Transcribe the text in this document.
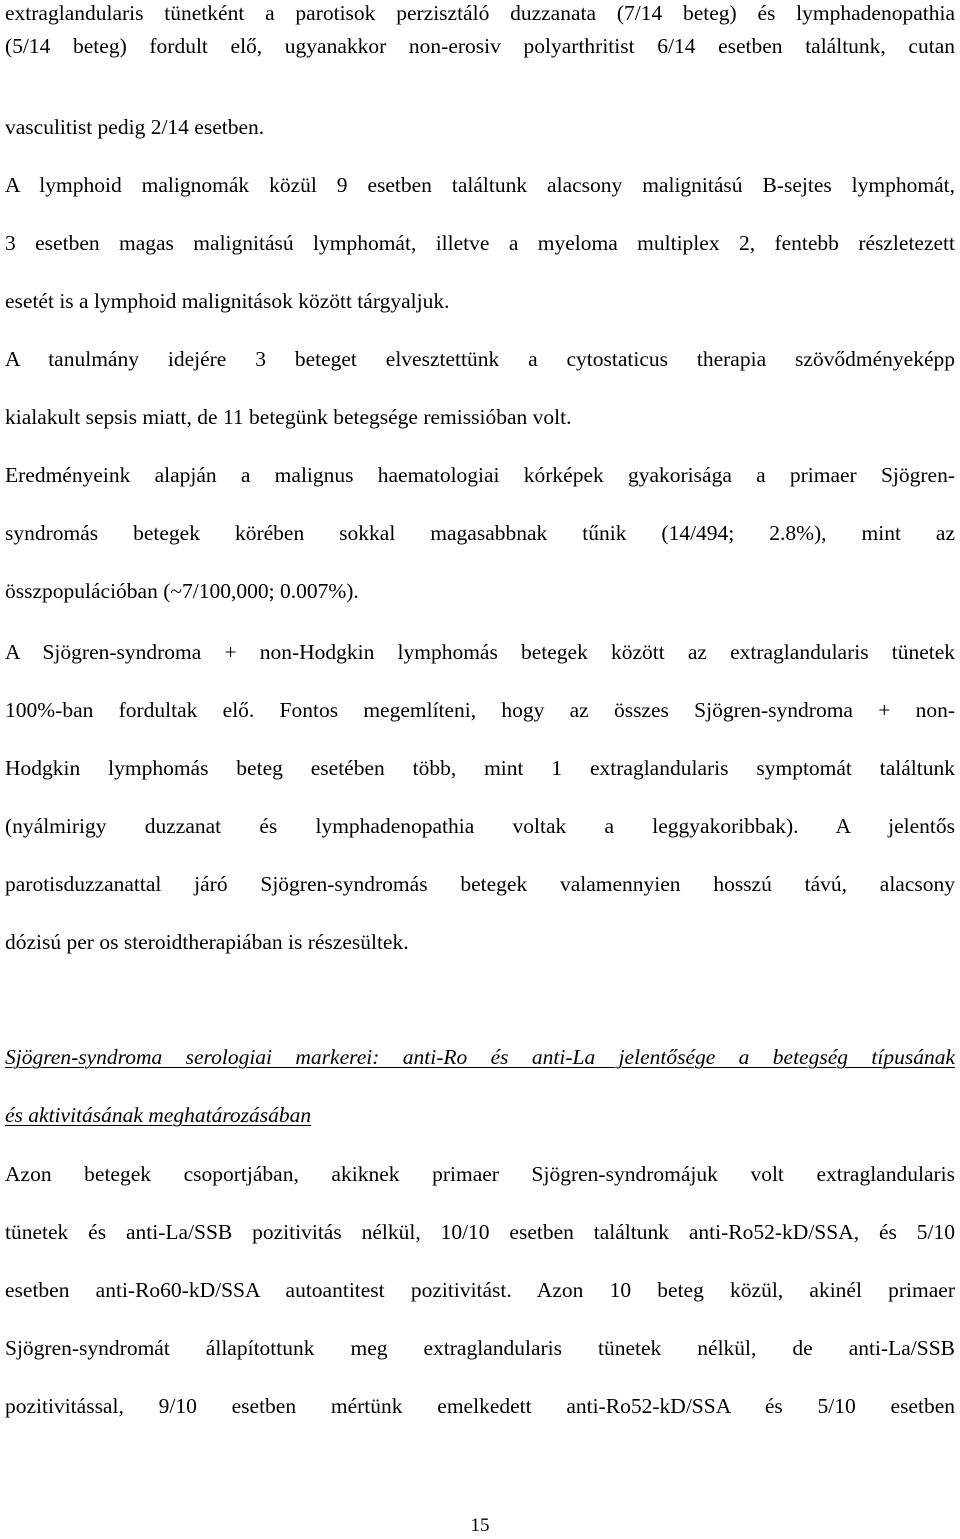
extraglandularis tünetként a parotisok perzisztáló duzzanata (7/14 beteg) és lymphadenopathia
(5/14 beteg) fordult elő, ugyanakkor non-erosiv polyarthritist 6/14 esetben találtunk, cutan
vasculitist pedig 2/14 esetben.
A lymphoid malignomák közül 9 esetben találtunk alacsony malignitású B-sejtes lymphomát,
3 esetben magas malignitású lymphomát, illetve a myeloma multiplex 2, fentebb részletezett
esetét is a lymphoid malignitások között tárgyaljuk.
A tanulmány idejére 3 beteget elvesztettünk a cytostaticus therapia szövődményeképp
kialakult sepsis miatt, de 11 betegünk betegsége remissióban volt.
Eredményeink alapján a malignus haematologiai kórképek gyakorisága a primaer Sjögren-
syndromás betegek körében sokkal magasabbnak tűnik (14/494; 2.8%), mint az
összpopulációban (~7/100,000; 0.007%).
A Sjögren-syndroma + non-Hodgkin lymphomás betegek között az extraglandularis tünetek
100%-ban fordultak elő. Fontos megemlíteni, hogy az összes Sjögren-syndroma + non-
Hodgkin lymphomás beteg esetében több, mint 1 extraglandularis symptomát találtunk
(nyálmirigy duzzanat és lymphadenopathia voltak a leggyakoribbak). A jelentős
parotisduzzanattal járó Sjögren-syndromás betegek valamennyien hosszú távú, alacsony
dózisú per os steroidtherapiában is részesültek.
Sjögren-syndroma serologiai markerei: anti-Ro és anti-La jelentősége a betegség típusának
és aktivitásának meghatározásában
Azon betegek csoportjában, akiknek primaer Sjögren-syndromájuk volt extraglandularis
tünetek és anti-La/SSB pozitivitás nélkül, 10/10 esetben találtunk anti-Ro52-kD/SSA, és 5/10
esetben anti-Ro60-kD/SSA autoantitest pozitivitást. Azon 10 beteg közül, akinél primaer
Sjögren-syndromát állapítottunk meg extraglandularis tünetek nélkül, de anti-La/SSB
pozitivitással, 9/10 esetben mértünk emelkedett anti-Ro52-kD/SSA és 5/10 esetben
15
